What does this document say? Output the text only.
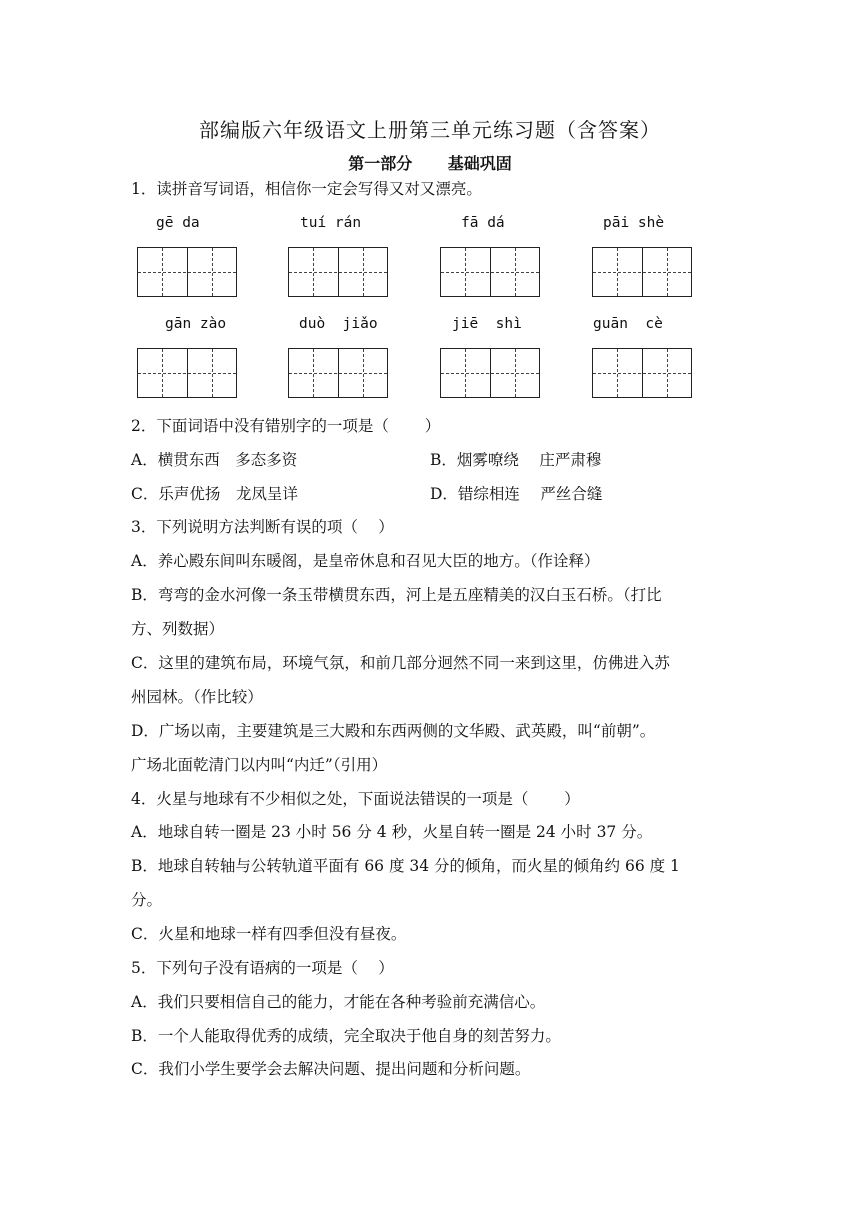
部编版六年级语文上册第三单元练习题（含答案）
第一部分　 基础巩固
1．读拼音写词语，相信你一定会写得又对又漂亮。
gē da	tuí rán	fā dá	pāi shè
gān zào	duò  jiǎo	jiē  shì	guān  cè
2．下面词语中没有错别字的一项是（　　 ）
A．横贯东西　多态多资	B．烟雾嘹绕　 庄严肃穆
C．乐声优扬　龙凤呈详	D．错综相连　 严丝合缝
3．下列说明方法判断有误的项（　 ）
A．养心殿东间叫东暖阁，是皇帝休息和召见大臣的地方。（作诠释）
B．弯弯的金水河像一条玉带横贯东西，河上是五座精美的汉白玉石桥。（打比
方、列数据）
C．这里的建筑布局，环境气氛，和前几部分迥然不同一来到这里，仿佛进入苏
州园林。（作比较）
D．广场以南，主要建筑是三大殿和东西两侧的文华殿、武英殿，叫“前朝”。
广场北面乾清门以内叫“内迁”（引用）
4．火星与地球有不少相似之处，下面说法错误的一项是（　　 ）
A．地球自转一圈是 23 小时 56 分 4 秒，火星自转一圈是 24 小时 37 分。
B．地球自转轴与公转轨道平面有 66 度 34 分的倾角，而火星的倾角约 66 度 1
分。
C．火星和地球一样有四季但没有昼夜。
5．下列句子没有语病的一项是（　 ）
A．我们只要相信自己的能力，才能在各种考验前充满信心。
B．一个人能取得优秀的成绩，完全取决于他自身的刻苦努力。
C．我们小学生要学会去解决问题、提出问题和分析问题。
